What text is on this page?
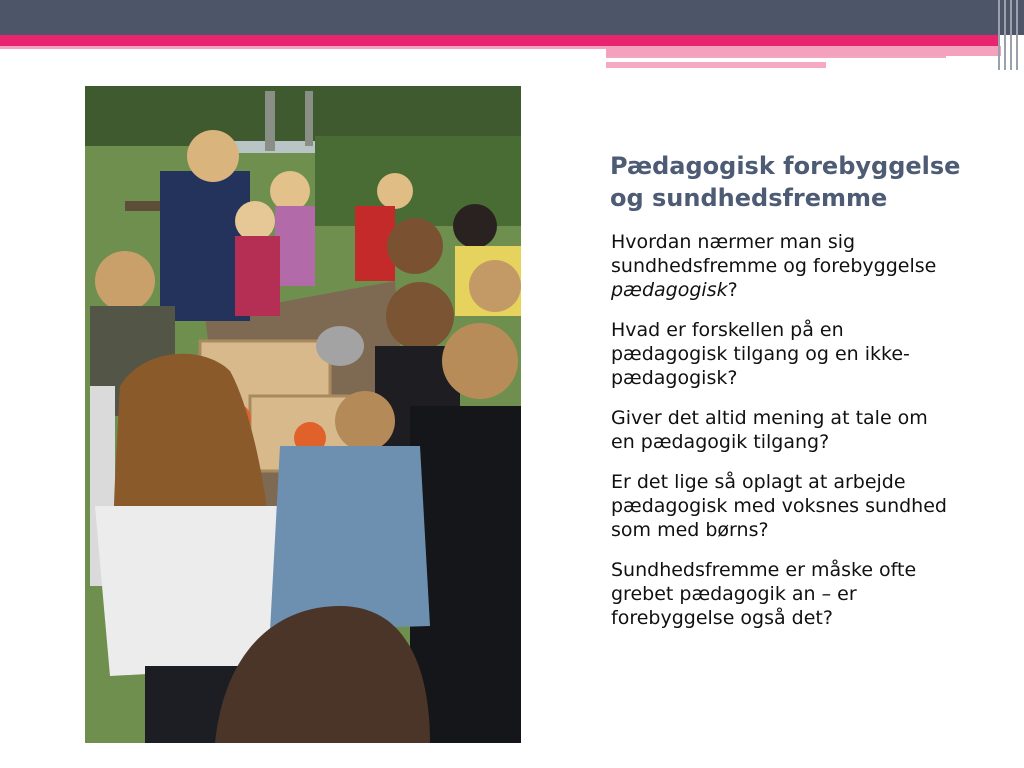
Pædagogisk forebyggelse
og sundhedsfremme
Hvordan nærmer man sig
sundhedsfremme og forebyggelse
pædagogisk?
Hvad er forskellen på en
pædagogisk tilgang og en ikke-
pædagogisk?
Giver det altid mening at tale om
en pædagogik tilgang?
Er det lige så oplagt at arbejde
pædagogisk med voksnes sundhed
som med børns?
Sundhedsfremme er måske ofte
grebet pædagogik an – er
forebyggelse også det?
